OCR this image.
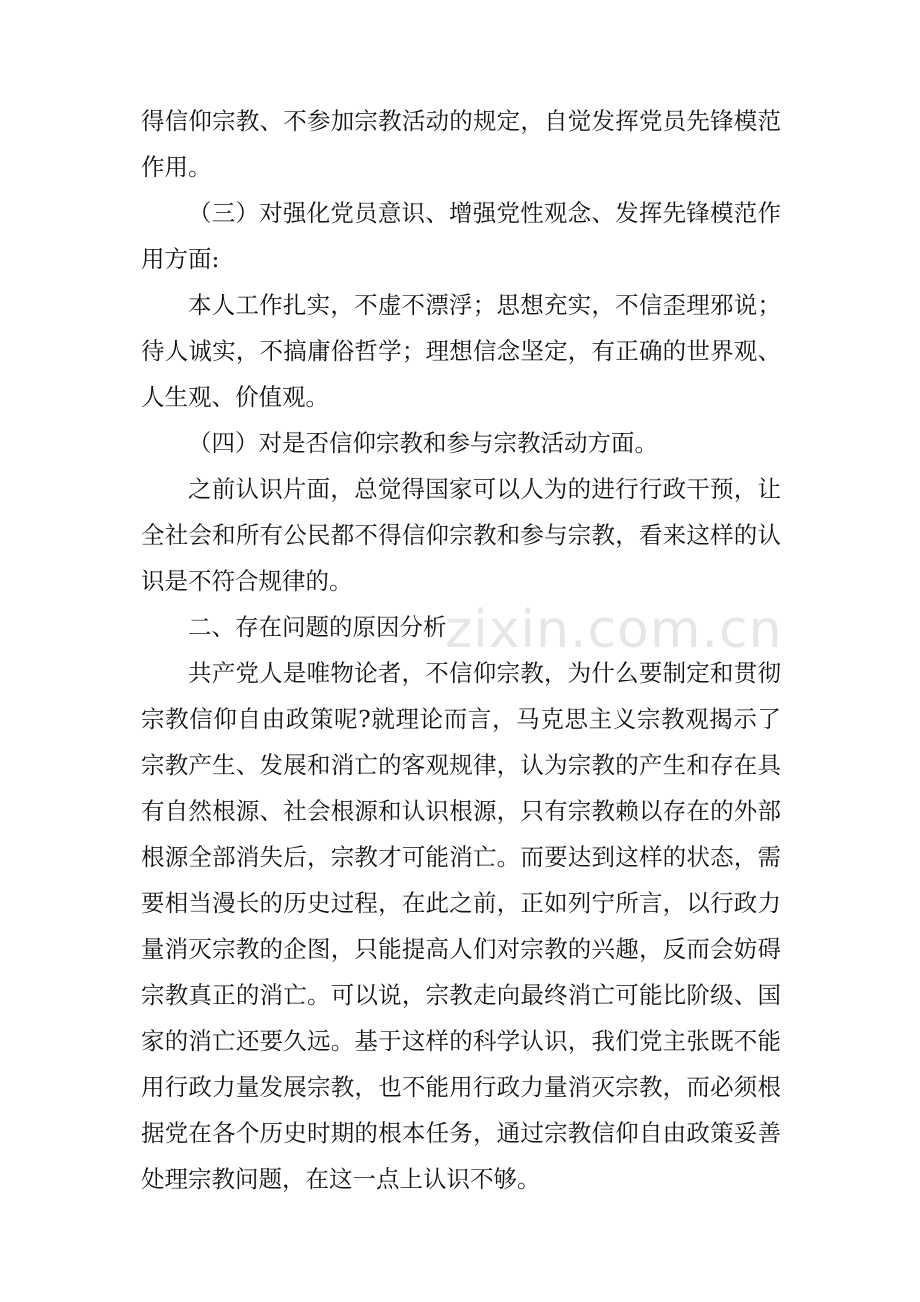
得信仰宗教、不参加宗教活动的规定，自觉发挥党员先锋模范作用。

（三）对强化党员意识、增强党性观念、发挥先锋模范作用方面:

本人工作扎实，不虚不漂浮；思想充实，不信歪理邪说；待人诚实，不搞庸俗哲学；理想信念坚定，有正确的世界观、人生观、价值观。

（四）对是否信仰宗教和参与宗教活动方面。

之前认识片面，总觉得国家可以人为的进行行政干预，让全社会和所有公民都不得信仰宗教和参与宗教，看来这样的认识是不符合规律的。

二、存在问题的原因分析

共产党人是唯物论者，不信仰宗教，为什么要制定和贯彻宗教信仰自由政策呢?就理论而言，马克思主义宗教观揭示了宗教产生、发展和消亡的客观规律，认为宗教的产生和存在具有自然根源、社会根源和认识根源，只有宗教赖以存在的外部根源全部消失后，宗教才可能消亡。而要达到这样的状态，需要相当漫长的历史过程，在此之前，正如列宁所言，以行政力量消灭宗教的企图，只能提高人们对宗教的兴趣，反而会妨碍宗教真正的消亡。可以说，宗教走向最终消亡可能比阶级、国家的消亡还要久远。基于这样的科学认识，我们党主张既不能用行政力量发展宗教，也不能用行政力量消灭宗教，而必须根据党在各个历史时期的根本任务，通过宗教信仰自由政策妥善处理宗教问题，在这一点上认识不够。

zixin.com.cn
